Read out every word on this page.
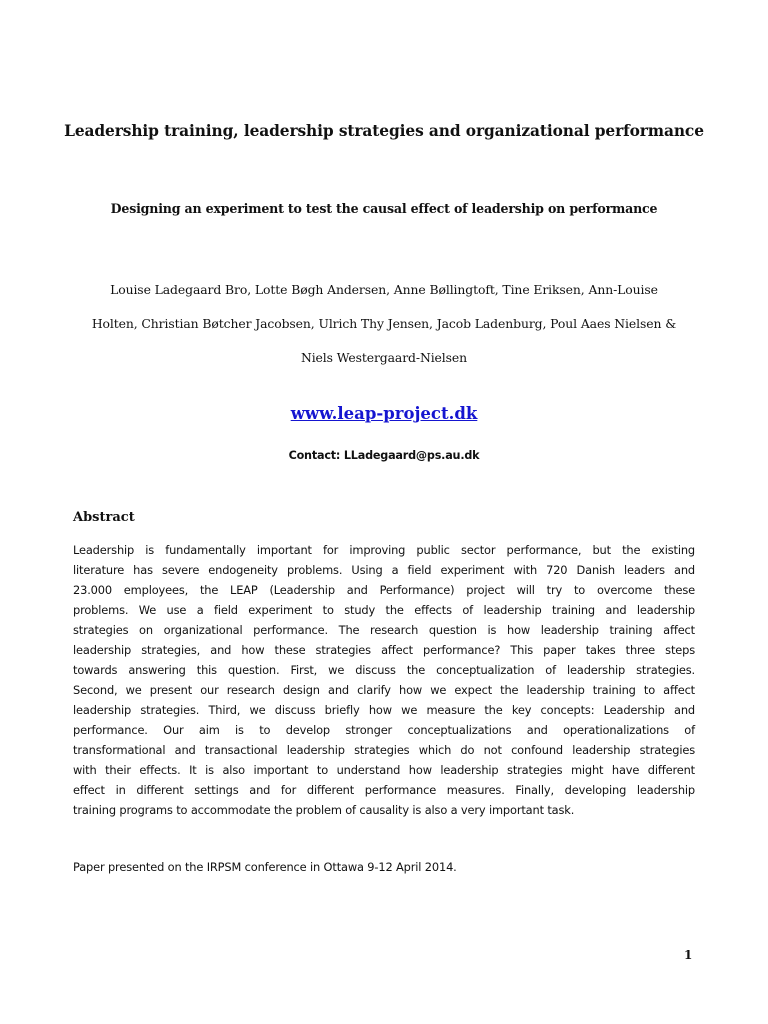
Leadership training, leadership strategies and organizational performance
Designing an experiment to test the causal effect of leadership on performance
Louise Ladegaard Bro, Lotte Bøgh Andersen, Anne Bøllingtoft, Tine Eriksen, Ann-Louise
Holten, Christian Bøtcher Jacobsen, Ulrich Thy Jensen, Jacob Ladenburg, Poul Aaes Nielsen &
Niels Westergaard-Nielsen
www.leap-project.dk
Contact: LLadegaard@ps.au.dk
Abstract
Leadership is fundamentally important for improving public sector performance, but the existing
literature has severe endogeneity problems. Using a field experiment with 720 Danish leaders and
23.000 employees, the LEAP (Leadership and Performance) project will try to overcome these
problems. We use a field experiment to study the effects of leadership training and leadership
strategies on organizational performance. The research question is how leadership training affect
leadership strategies, and how these strategies affect performance? This paper takes three steps
towards answering this question. First, we discuss the conceptualization of leadership strategies.
Second, we present our research design and clarify how we expect the leadership training to affect
leadership strategies. Third, we discuss briefly how we measure the key concepts: Leadership and
performance. Our aim is to develop stronger conceptualizations and operationalizations of
transformational and transactional leadership strategies which do not confound leadership strategies
with their effects. It is also important to understand how leadership strategies might have different
effect in different settings and for different performance measures. Finally, developing leadership
training programs to accommodate the problem of causality is also a very important task.
Paper presented on the IRPSM conference in Ottawa 9-12 April 2014.
1
